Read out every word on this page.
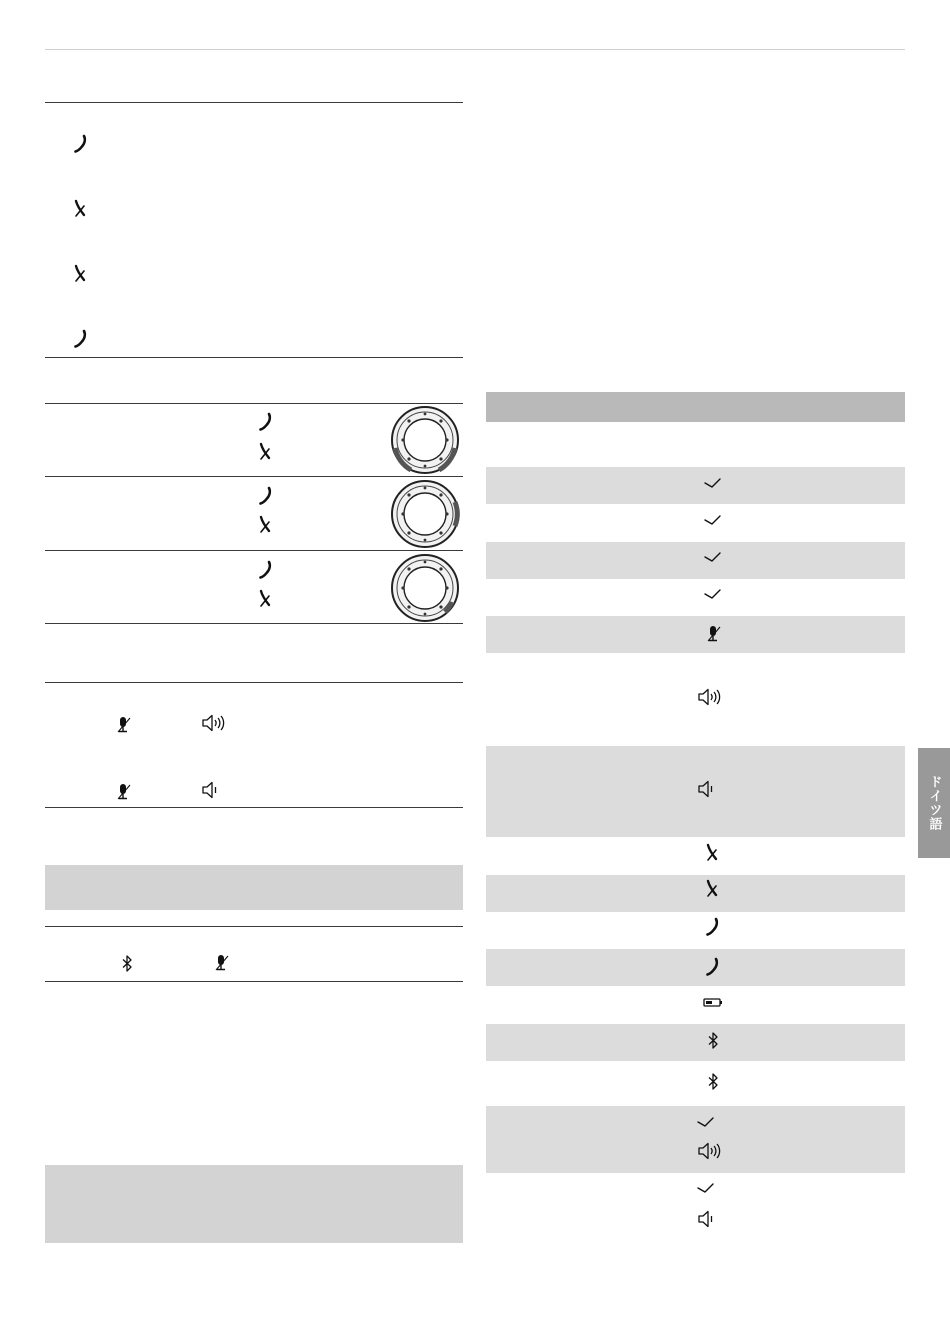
ドイツ語
